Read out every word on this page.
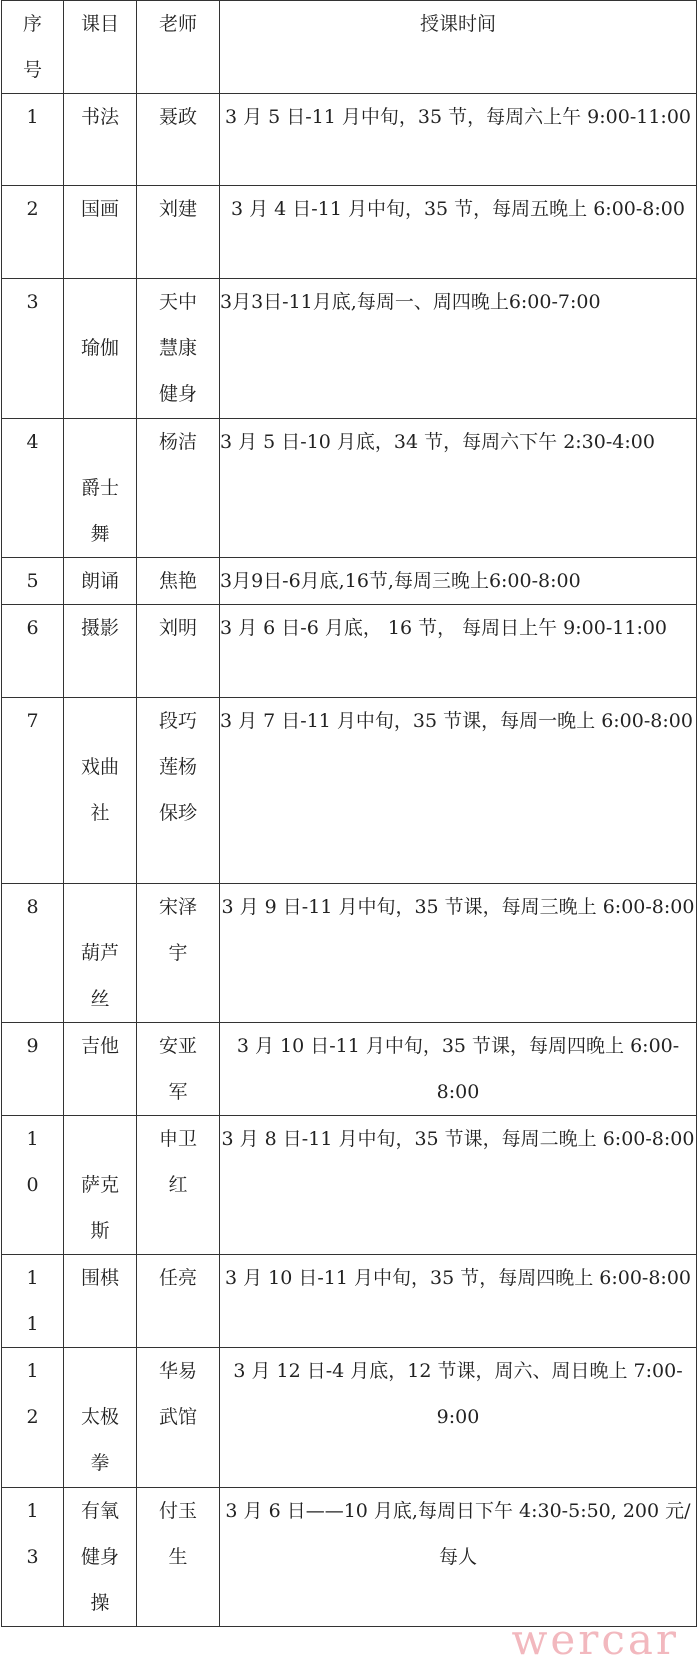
序号	课目	老师	授课时间

1	书法	聂政	3 月 5 日-11 月中旬，35 节，每周六上午 9:00-11:00

2	国画	刘建	3 月 4 日-11 月中旬，35 节，每周五晚上 6:00-8:00

3	瑜伽	天中慧康健身	3月3日-11月底,每周一、周四晚上6:00-7:00

4	爵士舞	杨洁	3 月 5 日-10 月底，34 节，每周六下午 2:30-4:00

5	朗诵	焦艳	3月9日-6月底,16节,每周三晚上6:00-8:00

6	摄影	刘明	3 月 6 日-6 月底， 16 节， 每周日上午 9:00-11:00

7	戏曲社	段巧莲杨保珍	3 月 7 日-11 月中旬，35 节课，每周一晚上 6:00-8:00

8	葫芦丝	宋泽宇	3 月 9 日-11 月中旬，35 节课，每周三晚上 6:00-8:00

9	吉他	安亚军	3 月 10 日-11 月中旬，35 节课，每周四晚上 6:00-8:00

10	萨克斯	申卫红	3 月 8 日-11 月中旬，35 节课，每周二晚上 6:00-8:00

11	围棋	任亮	3 月 10 日-11 月中旬，35 节，每周四晚上 6:00-8:00

12	太极拳	华易武馆	3 月 12 日-4 月底，12 节课，周六、周日晚上 7:00-9:00

13	有氧健身操	付玉生	3 月 6 日——10 月底,每周日下午 4:30-5:50, 200 元/每人
wercar
